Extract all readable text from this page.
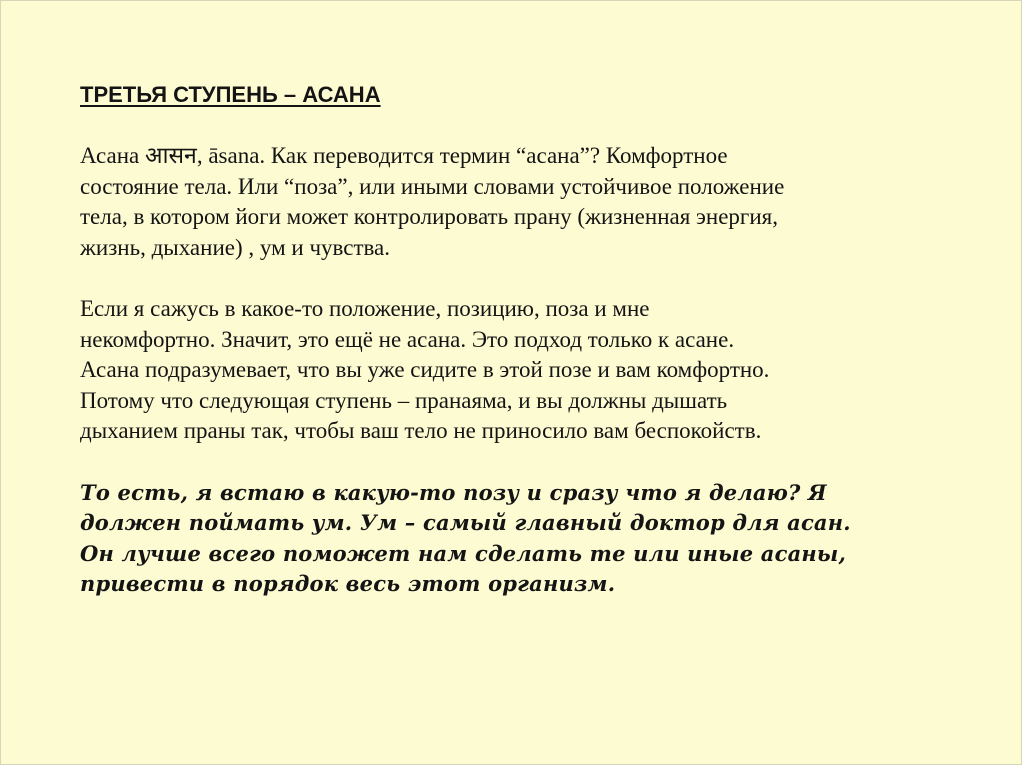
ТРЕТЬЯ СТУПЕНЬ – АСАНА
Асана आसन, āsana. Как переводится термин “асана”? Комфортное
состояние тела. Или “поза”, или иными словами устойчивое положение
тела, в котором йоги может контролировать прану (жизненная энергия,
жизнь, дыхание) , ум и чувства.
Если я сажусь в какое-то положение, позицию, поза и мне
некомфортно. Значит, это ещё не асана. Это подход только к асане.
Асана подразумевает, что вы уже сидите в этой позе и вам комфортно.
Потому что следующая ступень – пранаяма, и вы должны дышать
дыханием праны так, чтобы ваш тело не приносило вам беспокойств.
То есть, я встаю в какую-то позу и сразу что я делаю? Я
должен поймать ум. Ум – самый главный доктор для асан.
Он лучше всего поможет нам сделать те или иные асаны,
привести в порядок весь этот организм.
